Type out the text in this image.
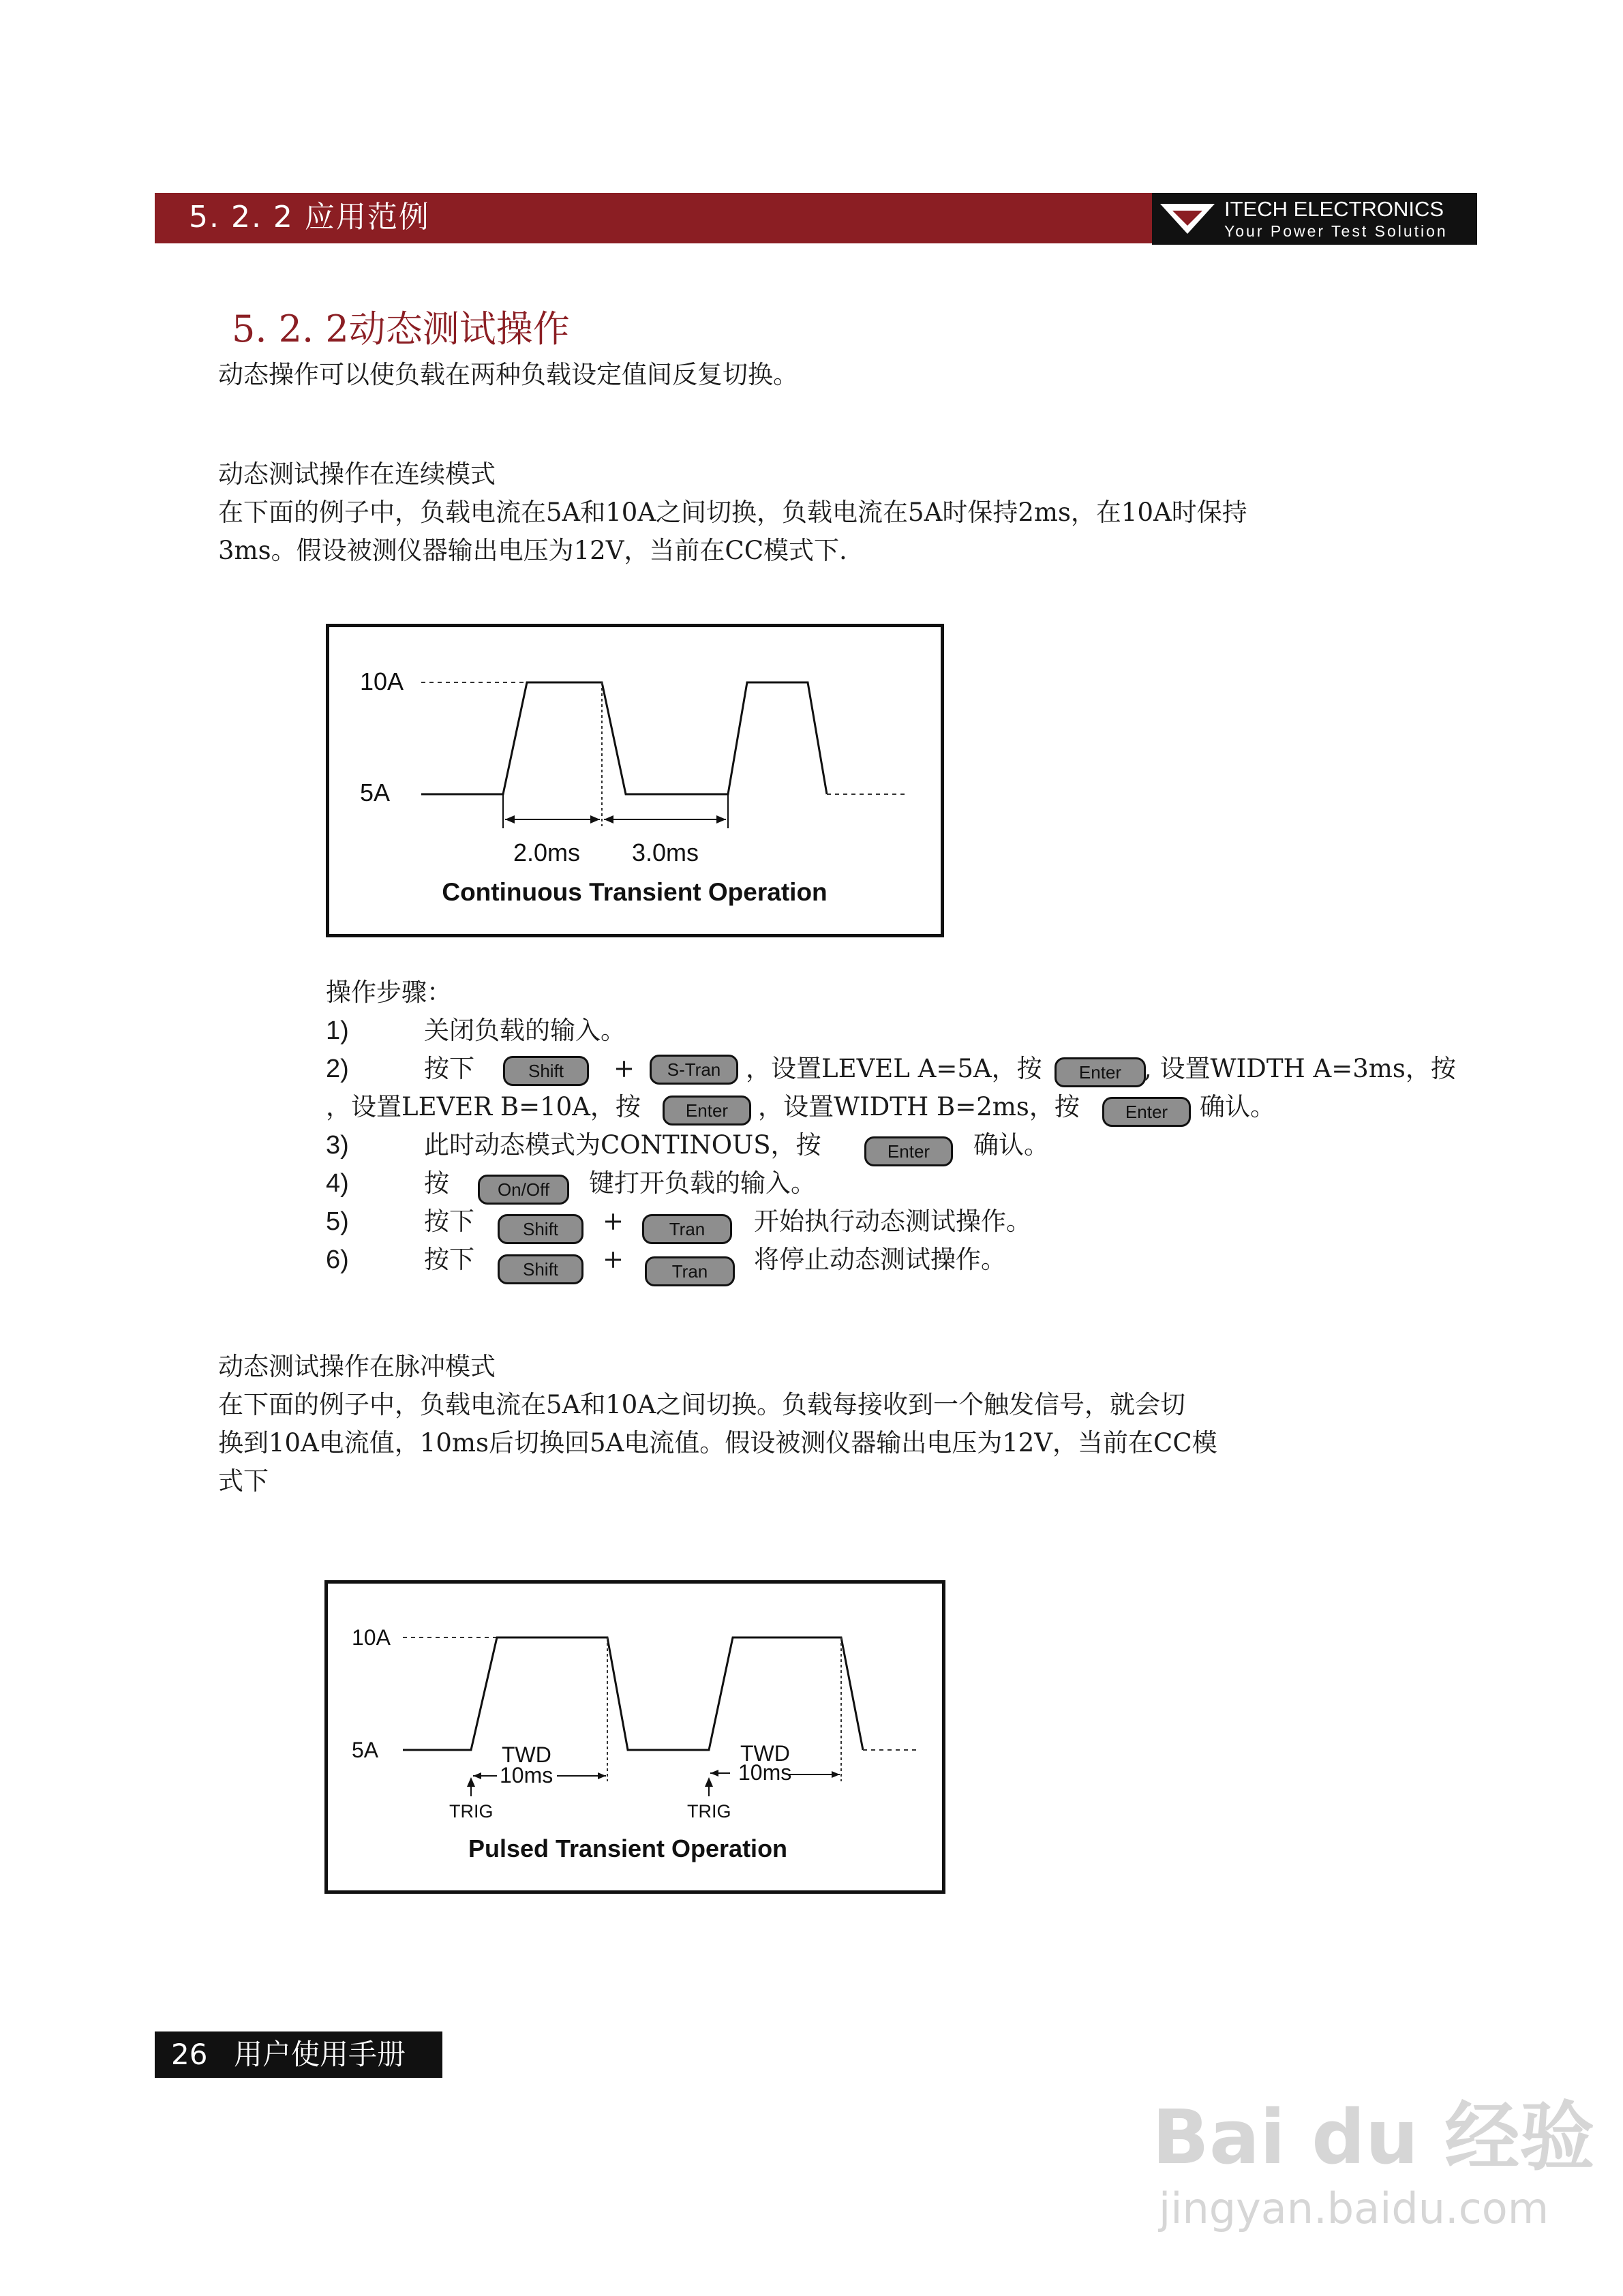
5. 2. 2 应用范例	ITECH ELECTRONICS
Your Power Test Solution
5. 2. 2动态测试操作
动态操作可以使负载在两种负载设定值间反复切换。
动态测试操作在连续模式
在下面的例子中，负载电流在5A和10A之间切换，负载电流在5A时保持2ms，在10A时保持
3ms。假设被测仪器输出电压为12V，当前在CC模式下.
10A
5A
2.0ms 3.0ms
Continuous Transient Operation
操作步骤：
1)	关闭负载的输入。
2)	按下	Shift	+	S-Tran ，设置LEVEL A=5A，按	Enter , 设置WIDTH A=3ms，按
，设置LEVER B=10A，按	Enter	，设置WIDTH B=2ms，按	Enter	确认。
3)	此时动态模式为CONTINOUS，按	Enter	确认。
4)	按	On/Off	键打开负载的输入。
5)	按下	Shift	+	Tran	开始执行动态测试操作。
6)	按下	Shift	+	Tran	将停止动态测试操作。
动态测试操作在脉冲模式
在下面的例子中，负载电流在5A和10A之间切换。负载每接收到一个触发信号，就会切
换到10A电流值，10ms后切换回5A电流值。假设被测仪器输出电压为12V，当前在CC模
式下
10A
5A	TWD
10ms
TWD
10ms
TRIG	TRIG
Pulsed Transient Operation
26 用户使用手册
Bai du 经验
jingyan.baidu.com
